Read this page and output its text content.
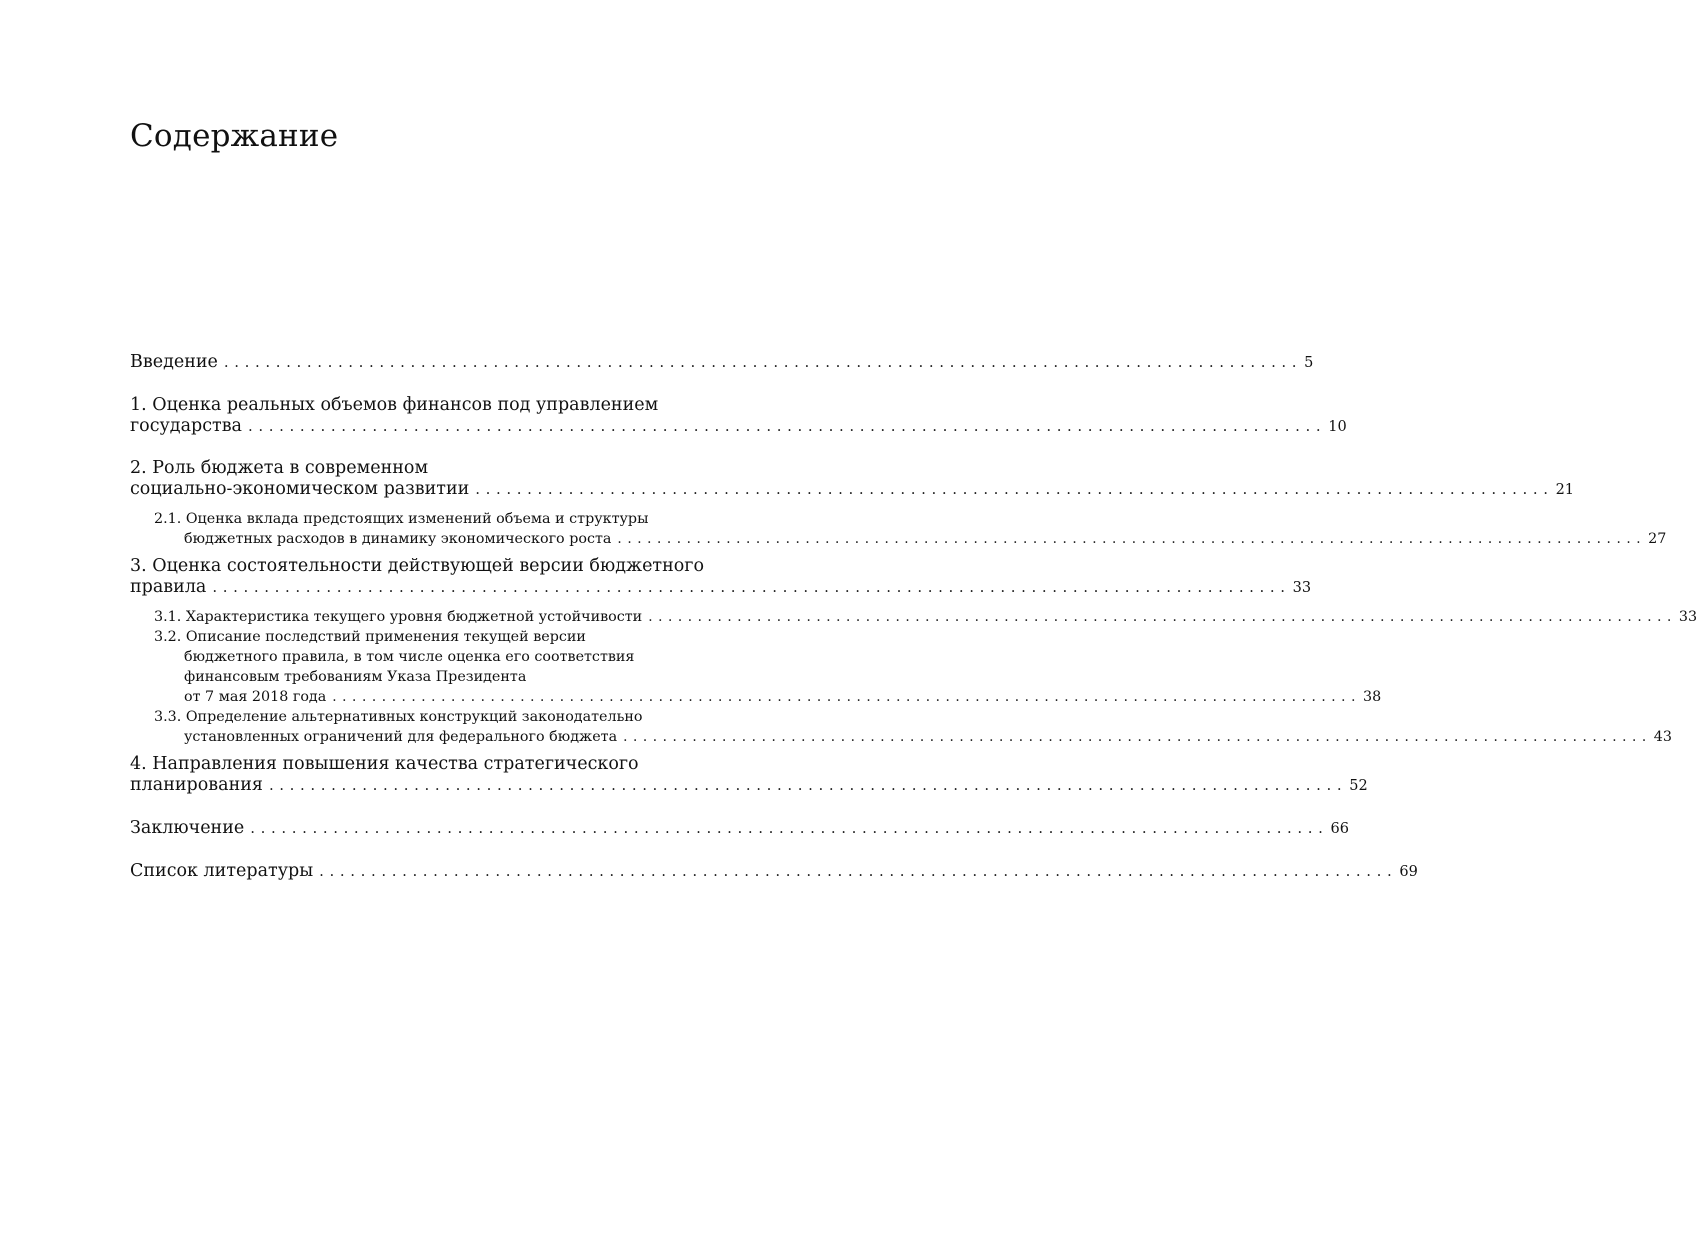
Содержание
Введение ........................................................................................................ 5
1. Оценка реальных объемов финансов под управлением
государства ........................................................................................................ 10
2. Роль бюджета в современном
социально-экономическом развитии ........................................................................................................ 21
2.1. Оценка вклада предстоящих изменений объема и структуры
бюджетных расходов в динамику экономического роста ........................................................................................................ 27
3. Оценка состоятельности действующей версии бюджетного
правила ........................................................................................................ 33
3.1. Характеристика текущего уровня бюджетной устойчивости ........................................................................................................ 33
3.2. Описание последствий применения текущей версии
бюджетного правила, в том числе оценка его соответствия
финансовым требованиям Указа Президента
от 7 мая 2018 года ........................................................................................................ 38
3.3. Определение альтернативных конструкций законодательно
установленных ограничений для федерального бюджета ........................................................................................................ 43
4. Направления повышения качества стратегического
планирования ........................................................................................................ 52
Заключение ........................................................................................................ 66
Список литературы ........................................................................................................ 69
